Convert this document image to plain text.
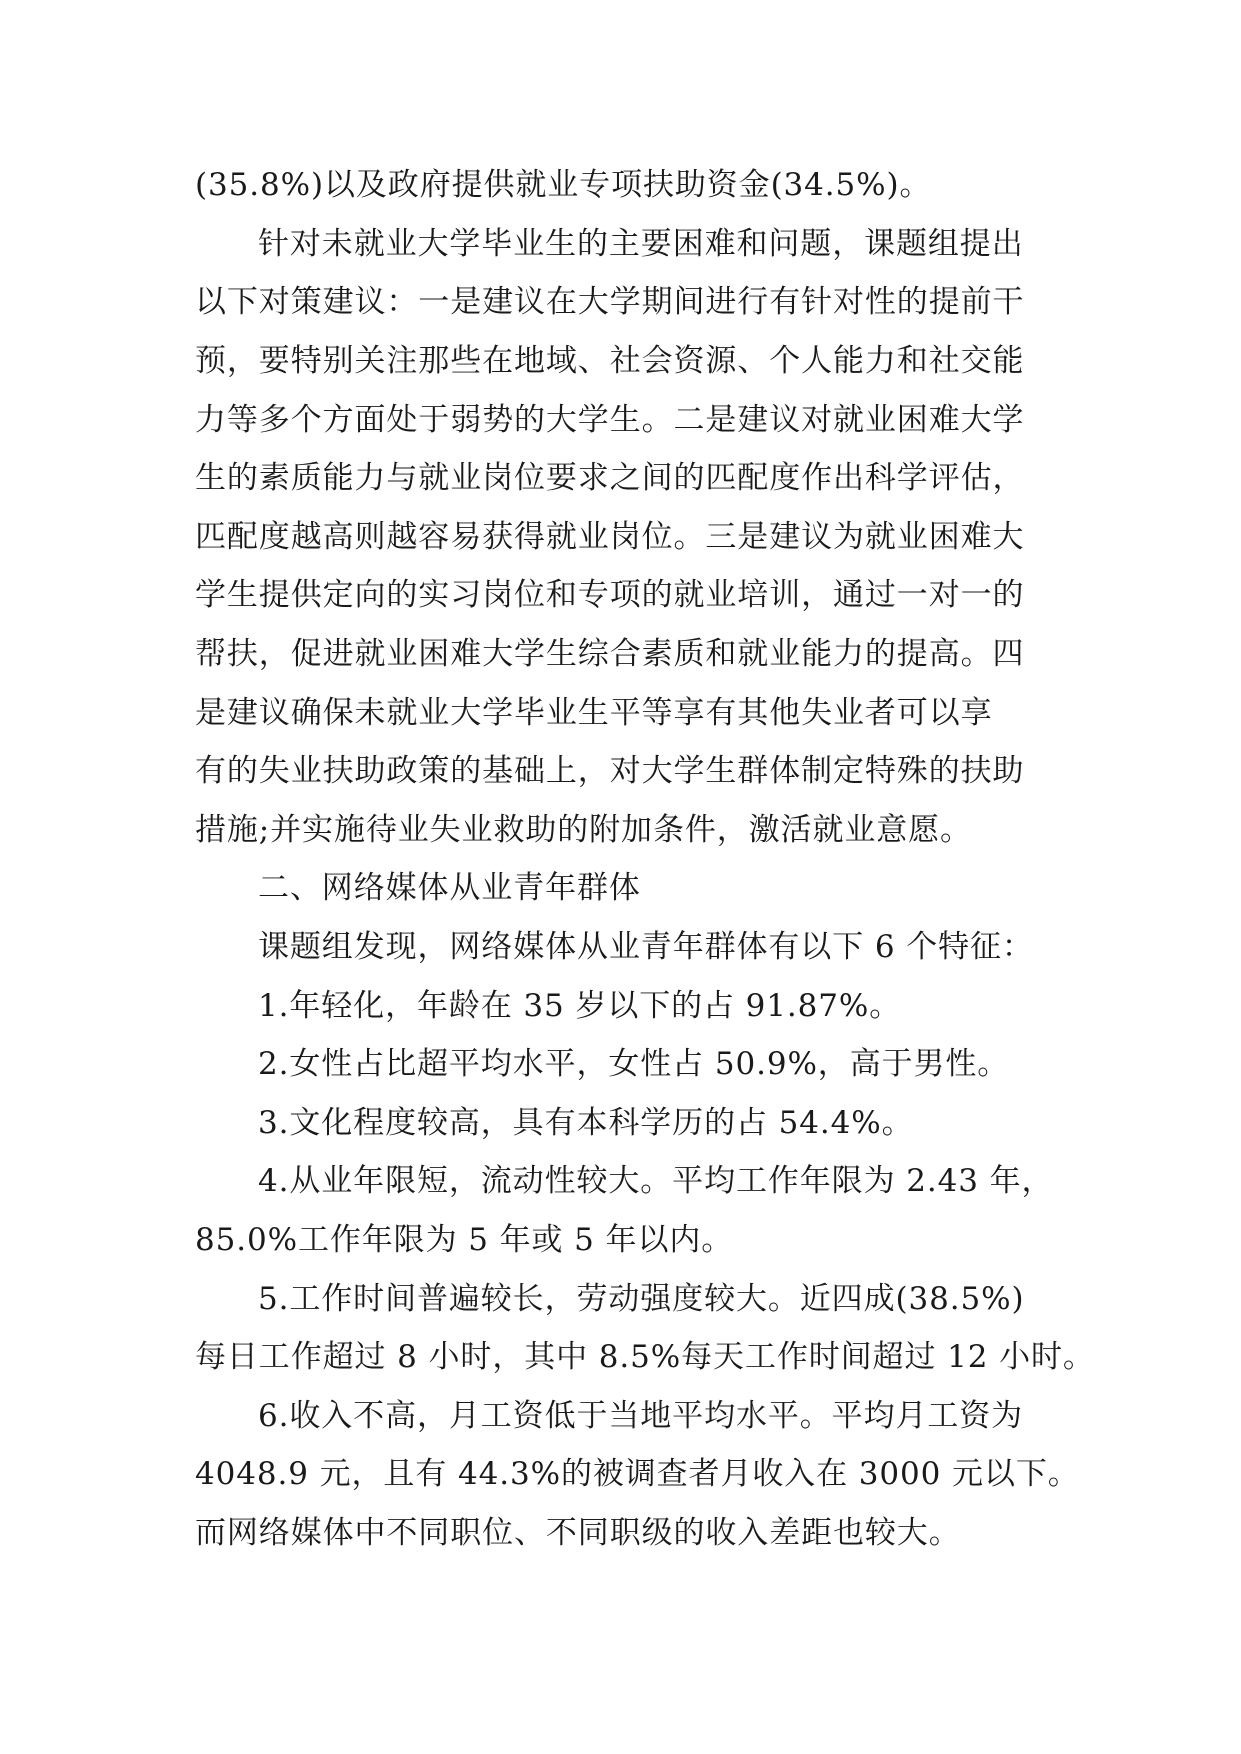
(35.8%)以及政府提供就业专项扶助资金(34.5%)。
针对未就业大学毕业生的主要困难和问题，课题组提出
以下对策建议：一是建议在大学期间进行有针对性的提前干
预，要特别关注那些在地域、社会资源、个人能力和社交能
力等多个方面处于弱势的大学生。二是建议对就业困难大学
生的素质能力与就业岗位要求之间的匹配度作出科学评估，
匹配度越高则越容易获得就业岗位。三是建议为就业困难大
学生提供定向的实习岗位和专项的就业培训，通过一对一的
帮扶，促进就业困难大学生综合素质和就业能力的提高。四
是建议确保未就业大学毕业生平等享有其他失业者可以享
有的失业扶助政策的基础上，对大学生群体制定特殊的扶助
措施;并实施待业失业救助的附加条件，激活就业意愿。
二、网络媒体从业青年群体
课题组发现，网络媒体从业青年群体有以下 6 个特征：
1.年轻化，年龄在 35 岁以下的占 91.87%。
2.女性占比超平均水平，女性占 50.9%，高于男性。
3.文化程度较高，具有本科学历的占 54.4%。
4.从业年限短，流动性较大。平均工作年限为 2.43 年，
85.0%工作年限为 5 年或 5 年以内。
5.工作时间普遍较长，劳动强度较大。近四成(38.5%)
每日工作超过 8 小时，其中 8.5%每天工作时间超过 12 小时。
6.收入不高，月工资低于当地平均水平。平均月工资为
4048.9 元，且有 44.3%的被调查者月收入在 3000 元以下。
而网络媒体中不同职位、不同职级的收入差距也较大。
